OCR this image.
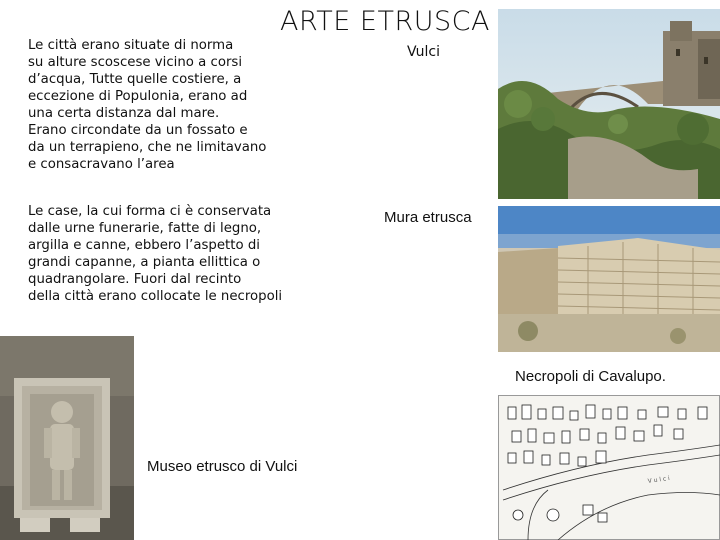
ARTE ETRUSCA
Le città erano situate di norma
su alture scoscese vicino a corsi
d’acqua, Tutte quelle costiere, a
eccezione di Populonia, erano ad
una certa distanza dal mare.
Erano circondate da un fossato e
da un terrapieno, che ne limitavano
e consacravano l’area
Le case, la cui forma ci è conservata
dalle urne funerarie, fatte di legno,
argilla e canne, ebbero l’aspetto di
grandi capanne, a pianta ellittica o
quadrangolare. Fuori dal recinto
della città erano collocate le necropoli
Vulci
Mura etrusca
Necropoli di Cavalupo.
V u l c i
Museo etrusco di Vulci
